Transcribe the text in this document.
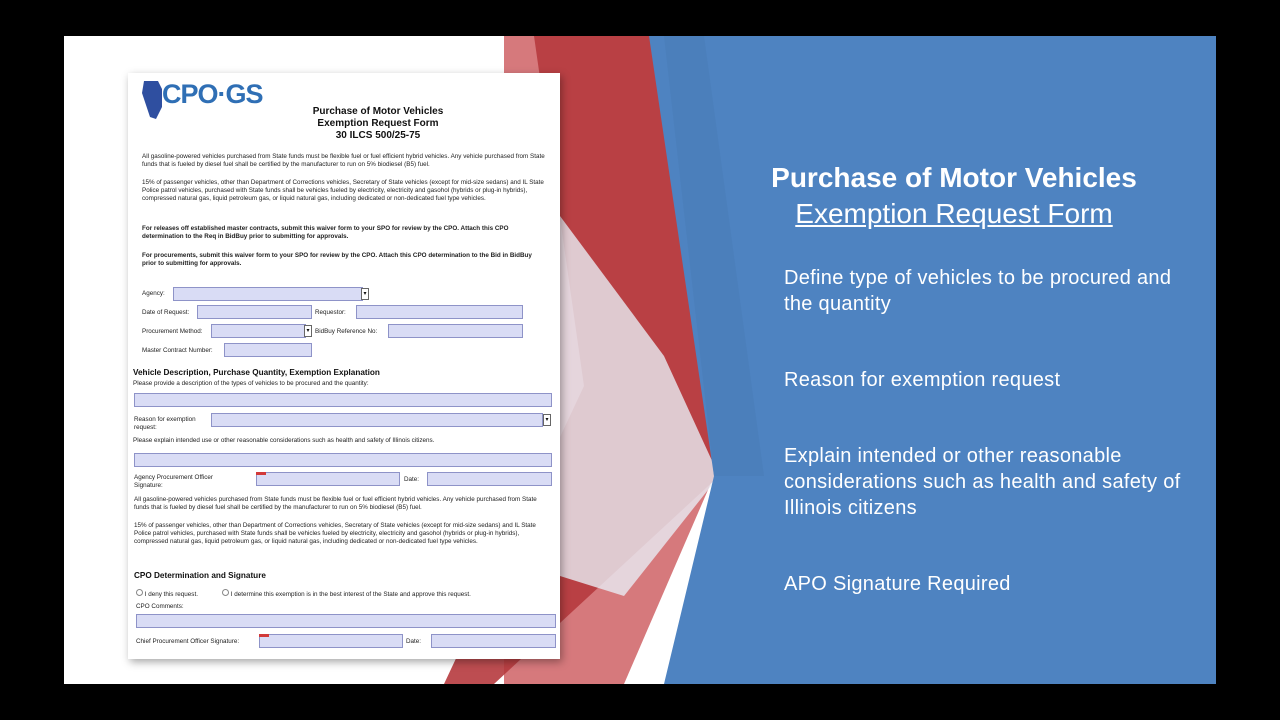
CPO·GS
Purchase of Motor Vehicles
Exemption Request Form
30 ILCS 500/25-75
All gasoline-powered vehicles purchased from State funds must be flexible fuel or fuel efficient hybrid vehicles. Any vehicle purchased from State funds that is fueled by diesel fuel shall be certified by the manufacturer to run on 5% biodiesel (B5) fuel.
15% of passenger vehicles, other than Department of Corrections vehicles, Secretary of State vehicles (except for mid-size sedans) and IL State Police patrol vehicles, purchased with State funds shall be vehicles fueled by electricity, electricity and gasohol (hybrids or plug-in hybrids), compressed natural gas, liquid petroleum gas, or liquid natural gas, including dedicated or non-dedicated fuel type vehicles.
For releases off established master contracts, submit this waiver form to your SPO for review by the CPO. Attach this CPO determination to the Req in BidBuy prior to submitting for approvals.
For procurements, submit this waiver form to your SPO for review by the CPO. Attach this CPO determination to the Bid in BidBuy prior to submitting for approvals.
Agency:	▾
Date of Request:	Requestor:
Procurement Method:	▾ BidBuy Reference No:
Master Contract Number:
Vehicle Description, Purchase Quantity, Exemption Explanation
Please provide a description of the types of vehicles to be procured and the quantity:
Reason for exemption
request:
▾
Please explain intended use or other reasonable considerations such as health and safety of Illinois citizens.
Agency Procurement Officer
Signature:
Date:
All gasoline-powered vehicles purchased from State funds must be flexible fuel or fuel efficient hybrid vehicles. Any vehicle purchased from State funds that is fueled by diesel fuel shall be certified by the manufacturer to run on 5% biodiesel (B5) fuel.
15% of passenger vehicles, other than Department of Corrections vehicles, Secretary of State vehicles (except for mid-size sedans) and IL State Police patrol vehicles, purchased with State funds shall be vehicles fueled by electricity, electricity and gasohol (hybrids or plug-in hybrids), compressed natural gas, liquid petroleum gas, or liquid natural gas, including dedicated or non-dedicated fuel type vehicles.
CPO Determination and Signature
I deny this request.	I determine this exemption is in the best interest of the State and approve this request.
CPO Comments:
Chief Procurement Officer Signature:	Date:
Purchase of Motor Vehicles
Exemption Request Form
Define type of vehicles to be procured and the quantity
Reason for exemption request
Explain intended or other reasonable considerations such as health and safety of Illinois citizens
APO Signature Required
